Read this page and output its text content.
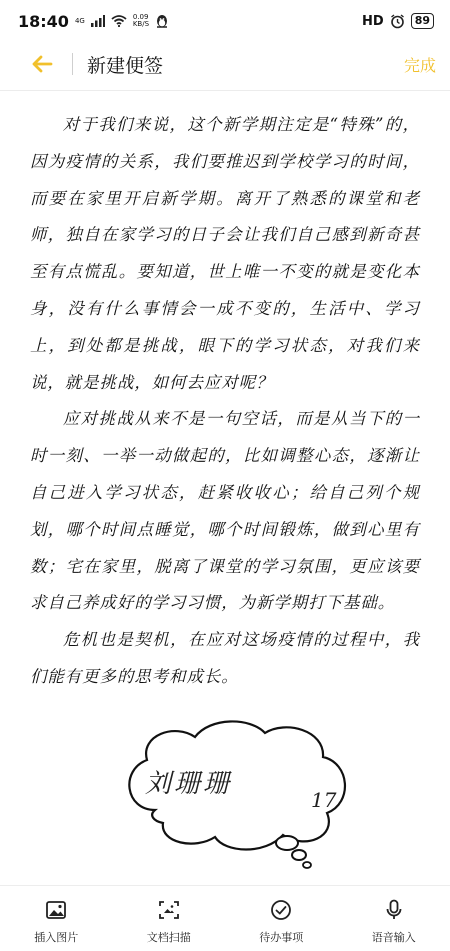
18:40 4G	0.09
KB/S	HD	89
新建便签	完成

对于我们来说，这个新学期注定是“特殊”的，因为疫情的关系，我们要推迟到学校学习的时间，而要在家里开启新学期。离开了熟悉的课堂和老师，独自在家学习的日子会让我们自己感到新奇甚至有点慌乱。要知道，世上唯一不变的就是变化本身，没有什么事情会一成不变的，生活中、学习上，到处都是挑战，眼下的学习状态，对我们来说，就是挑战，如何去应对呢？

应对挑战从来不是一句空话，而是从当下的一时一刻、一举一动做起的，比如调整心态，逐渐让自己进入学习状态，赶紧收收心；给自己列个规划，哪个时间点睡觉，哪个时间锻炼，做到心里有数；宅在家里，脱离了课堂的学习氛围，更应该要求自己养成好的学习习惯，为新学期打下基础。

危机也是契机，在应对这场疫情的过程中，我们能有更多的思考和成长。

刘珊珊
17
插入图片	文档扫描	待办事项	语音输入
